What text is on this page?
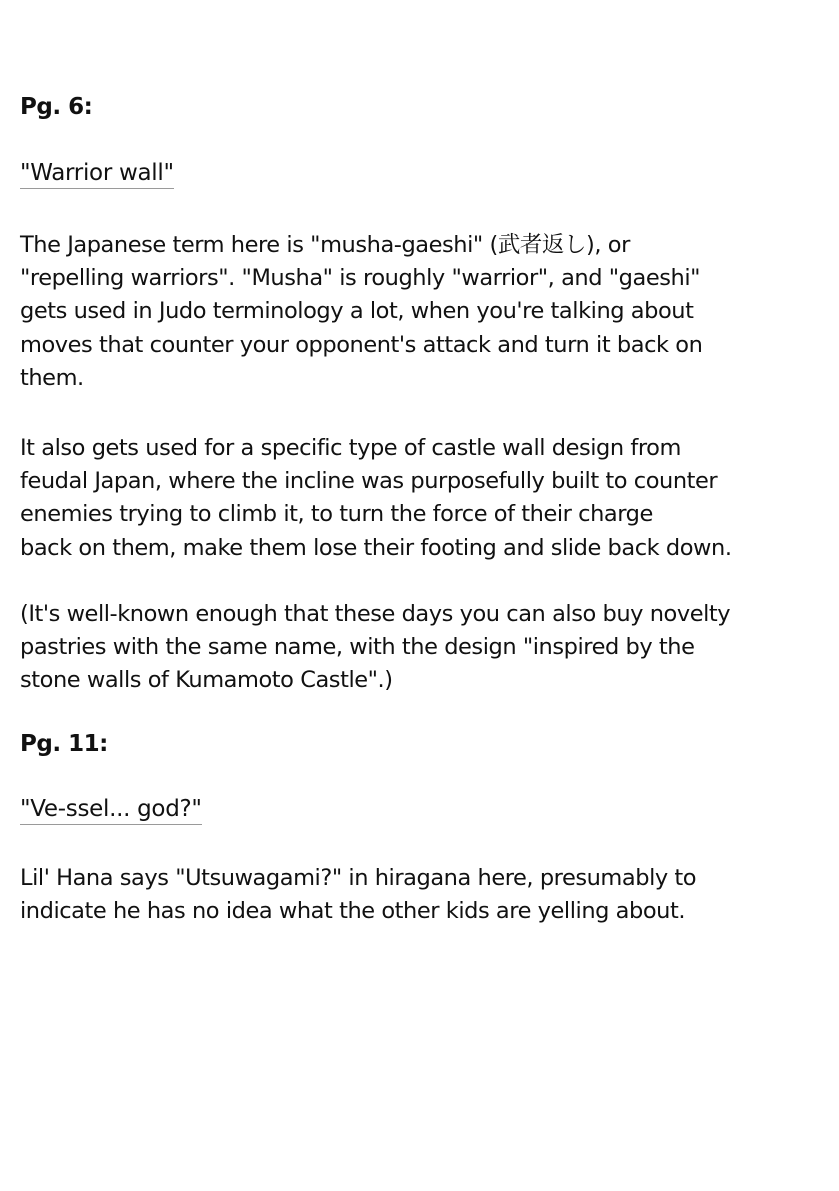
Pg. 6:
"Warrior wall"
The Japanese term here is "musha-gaeshi" (武者返し), or
"repelling warriors". "Musha" is roughly "warrior", and "gaeshi"
gets used in Judo terminology a lot, when you're talking about
moves that counter your opponent's attack and turn it back on
them.
It also gets used for a specific type of castle wall design from
feudal Japan, where the incline was purposefully built to counter
enemies trying to climb it, to turn the force of their charge
back on them, make them lose their footing and slide back down.
(It's well-known enough that these days you can also buy novelty
pastries with the same name, with the design "inspired by the
stone walls of Kumamoto Castle".)
Pg. 11:
"Ve-ssel... god?"
Lil' Hana says "Utsuwagami?" in hiragana here, presumably to
indicate he has no idea what the other kids are yelling about.
